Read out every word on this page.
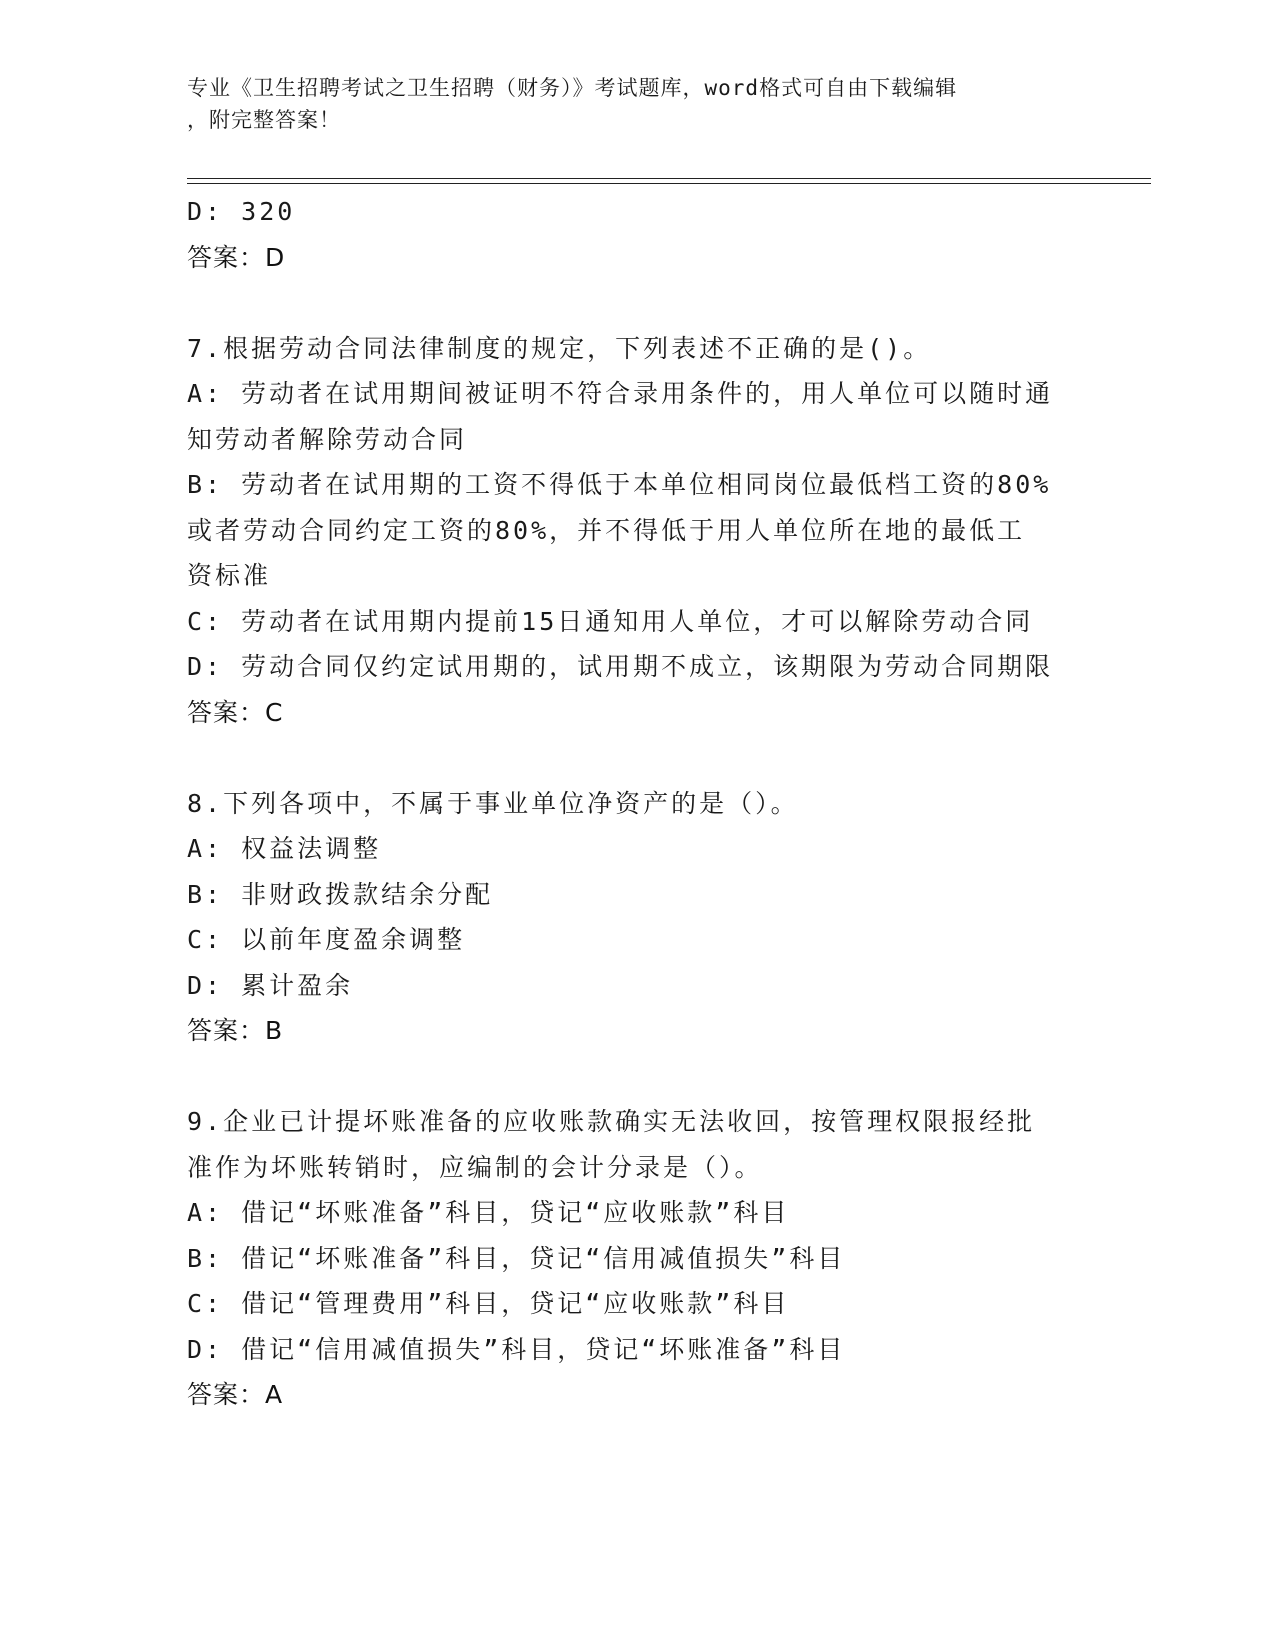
专业《卫生招聘考试之卫生招聘（财务）》考试题库，word格式可自由下载编辑
，附完整答案！
D: 320
答案：D
7.根据劳动合同法律制度的规定，下列表述不正确的是()。
A: 劳动者在试用期间被证明不符合录用条件的，用人单位可以随时通
知劳动者解除劳动合同
B: 劳动者在试用期的工资不得低于本单位相同岗位最低档工资的80%
或者劳动合同约定工资的80%，并不得低于用人单位所在地的最低工
资标准
C: 劳动者在试用期内提前15日通知用人单位，才可以解除劳动合同
D: 劳动合同仅约定试用期的，试用期不成立，该期限为劳动合同期限
答案：C
8.下列各项中，不属于事业单位净资产的是（）。
A: 权益法调整
B: 非财政拨款结余分配
C: 以前年度盈余调整
D: 累计盈余
答案：B
9.企业已计提坏账准备的应收账款确实无法收回，按管理权限报经批
准作为坏账转销时，应编制的会计分录是（）。
A: 借记“坏账准备”科目，贷记“应收账款”科目
B: 借记“坏账准备”科目，贷记“信用减值损失”科目
C: 借记“管理费用”科目，贷记“应收账款”科目
D: 借记“信用减值损失”科目，贷记“坏账准备”科目
答案：A
